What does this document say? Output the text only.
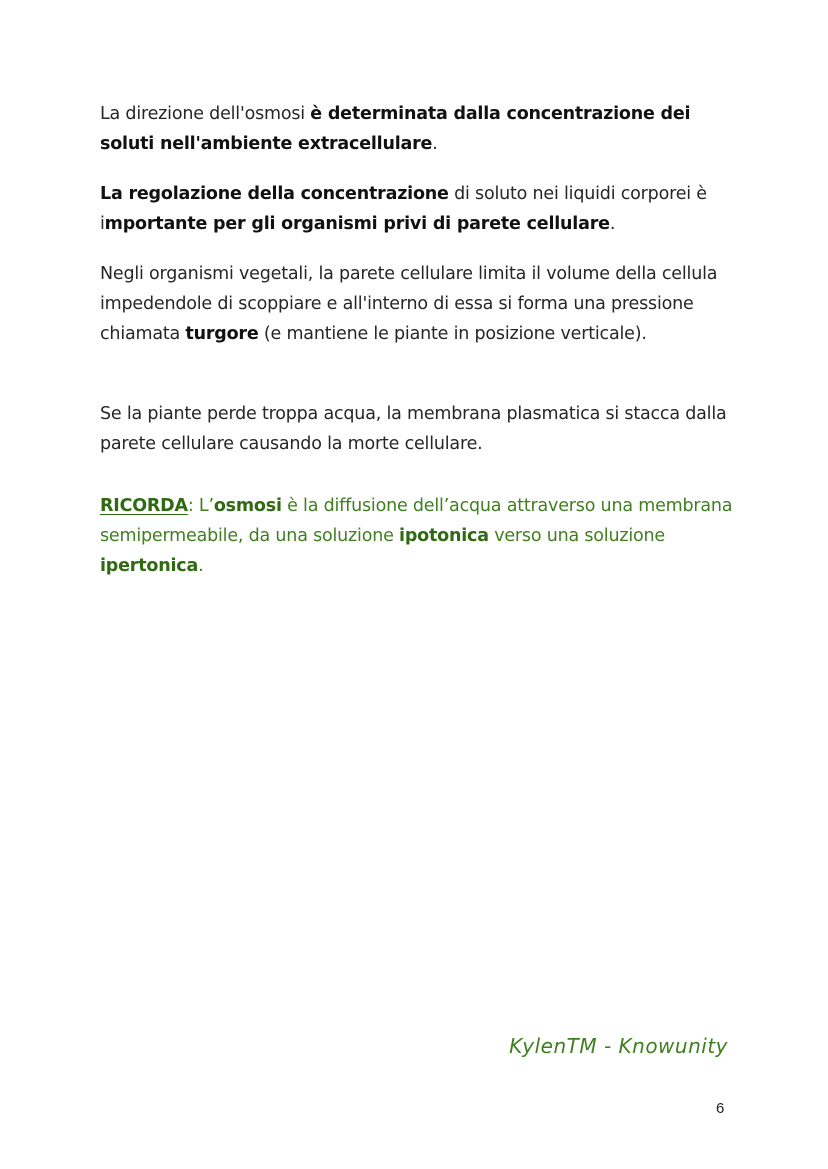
La direzione dell'osmosi è determinata dalla concentrazione dei soluti nell'ambiente extracellulare.

La regolazione della concentrazione di soluto nei liquidi corporei è importante per gli organismi privi di parete cellulare.

Negli organismi vegetali, la parete cellulare limita il volume della cellula impedendole di scoppiare e all'interno di essa si forma una pressione chiamata turgore (e mantiene le piante in posizione verticale).

Se la piante perde troppa acqua, la membrana plasmatica si stacca dalla parete cellulare causando la morte cellulare.

RICORDA: L’osmosi è la diffusione dell’acqua attraverso una membrana semipermeabile, da una soluzione ipotonica verso una soluzione ipertonica.

KylenTM - Knowunity
6
